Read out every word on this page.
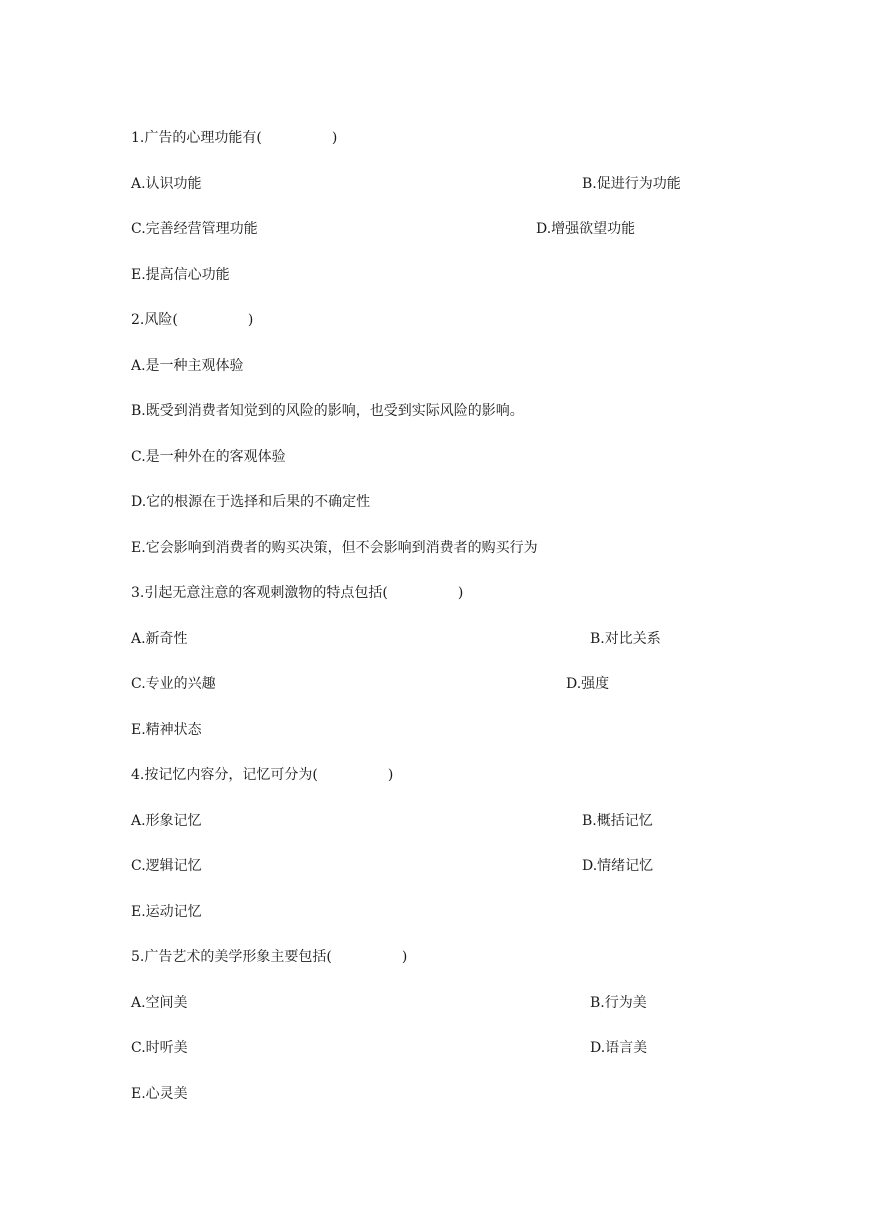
1.广告的心理功能有(　　　　　)
A.认识功能	B.促进行为功能
C.完善经营管理功能	D.增强欲望功能
E.提高信心功能
2.风险(　　　　　)
A.是一种主观体验
B.既受到消费者知觉到的风险的影响，也受到实际风险的影响。
C.是一种外在的客观体验
D.它的根源在于选择和后果的不确定性
E.它会影响到消费者的购买决策，但不会影响到消费者的购买行为
3.引起无意注意的客观刺激物的特点包括(　　　　　)
A.新奇性	B.对比关系
C.专业的兴趣	D.强度
E.精神状态
4.按记忆内容分，记忆可分为(　　　　　)
A.形象记忆	B.概括记忆
C.逻辑记忆	D.情绪记忆
E.运动记忆
5.广告艺术的美学形象主要包括(　　　　　)
A.空间美	B.行为美
C.时听美	D.语言美
E.心灵美
